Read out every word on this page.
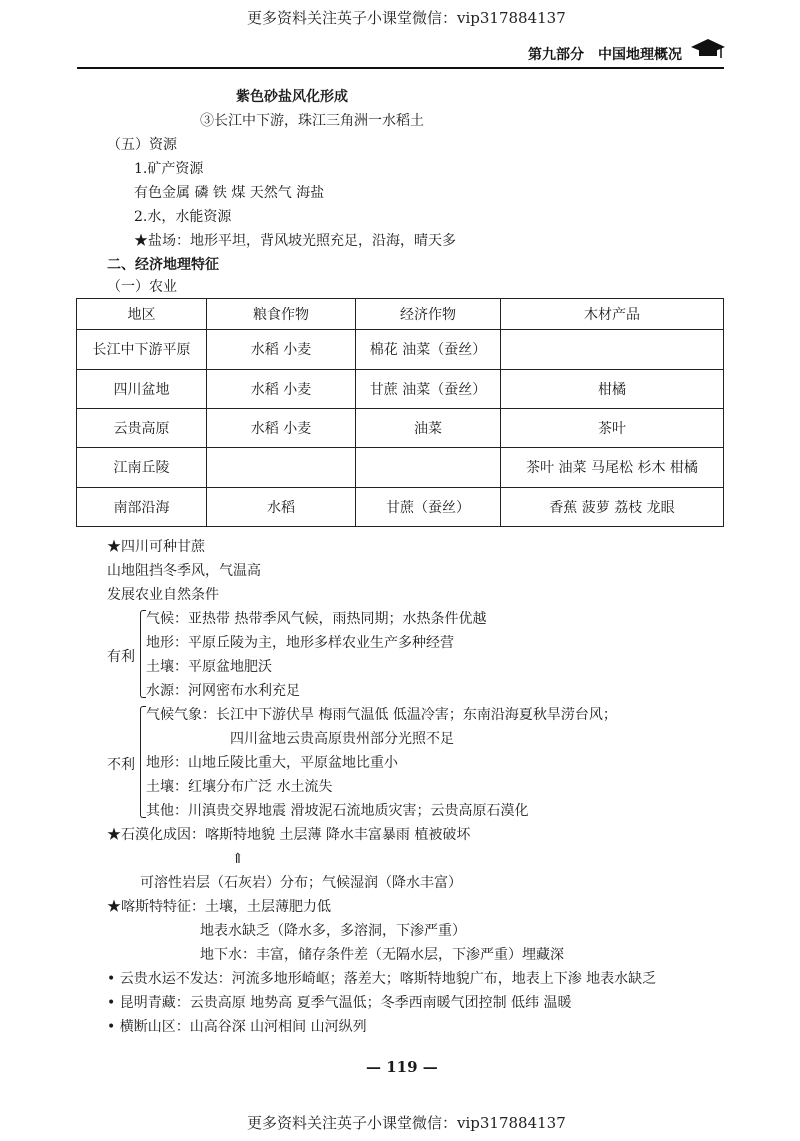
更多资料关注英子小课堂微信：vip317884137
第九部分　中国地理概况
紫色砂盐风化形成
③长江中下游，珠江三角洲一水稻土
（五）资源
1.矿产资源
有色金属 磷 铁 煤 天然气 海盐
2.水，水能资源
★盐场：地形平坦，背风坡光照充足，沿海，晴天多
二、经济地理特征
（一）农业
地区	粮食作物	经济作物	木材产品
长江中下游平原	水稻 小麦	棉花 油菜（蚕丝）	
四川盆地	水稻 小麦	甘蔗 油菜（蚕丝）	柑橘
云贵高原	水稻 小麦	油菜	茶叶
江南丘陵			茶叶 油菜 马尾松 杉木 柑橘
南部沿海	水稻	甘蔗（蚕丝）	香蕉 菠萝 荔枝 龙眼
★四川可种甘蔗
山地阻挡冬季风，气温高
发展农业自然条件
有利
气候：亚热带 热带季风气候，雨热同期；水热条件优越
地形：平原丘陵为主，地形多样农业生产多种经营
土壤：平原盆地肥沃
水源：河网密布水利充足
不利
气候气象：长江中下游伏旱 梅雨气温低 低温冷害；东南沿海夏秋旱涝台风；
四川盆地云贵高原贵州部分光照不足
地形：山地丘陵比重大，平原盆地比重小
土壤：红壤分布广泛 水土流失
其他：川滇贵交界地震 滑坡泥石流地质灾害；云贵高原石漠化
★石漠化成因：喀斯特地貌 土层薄 降水丰富暴雨 植被破坏
⇑
可溶性岩层（石灰岩）分布；气候湿润（降水丰富）
★喀斯特特征：土壤，土层薄肥力低
地表水缺乏（降水多，多溶洞，下渗严重）
地下水：丰富，储存条件差（无隔水层，下渗严重）埋藏深
• 云贵水运不发达：河流多地形崎岖；落差大；喀斯特地貌广布，地表上下渗 地表水缺乏
• 昆明青藏：云贵高原 地势高 夏季气温低；冬季西南暖气团控制 低纬 温暖
• 横断山区：山高谷深 山河相间 山河纵列
— 119 —
更多资料关注英子小课堂微信：vip317884137
